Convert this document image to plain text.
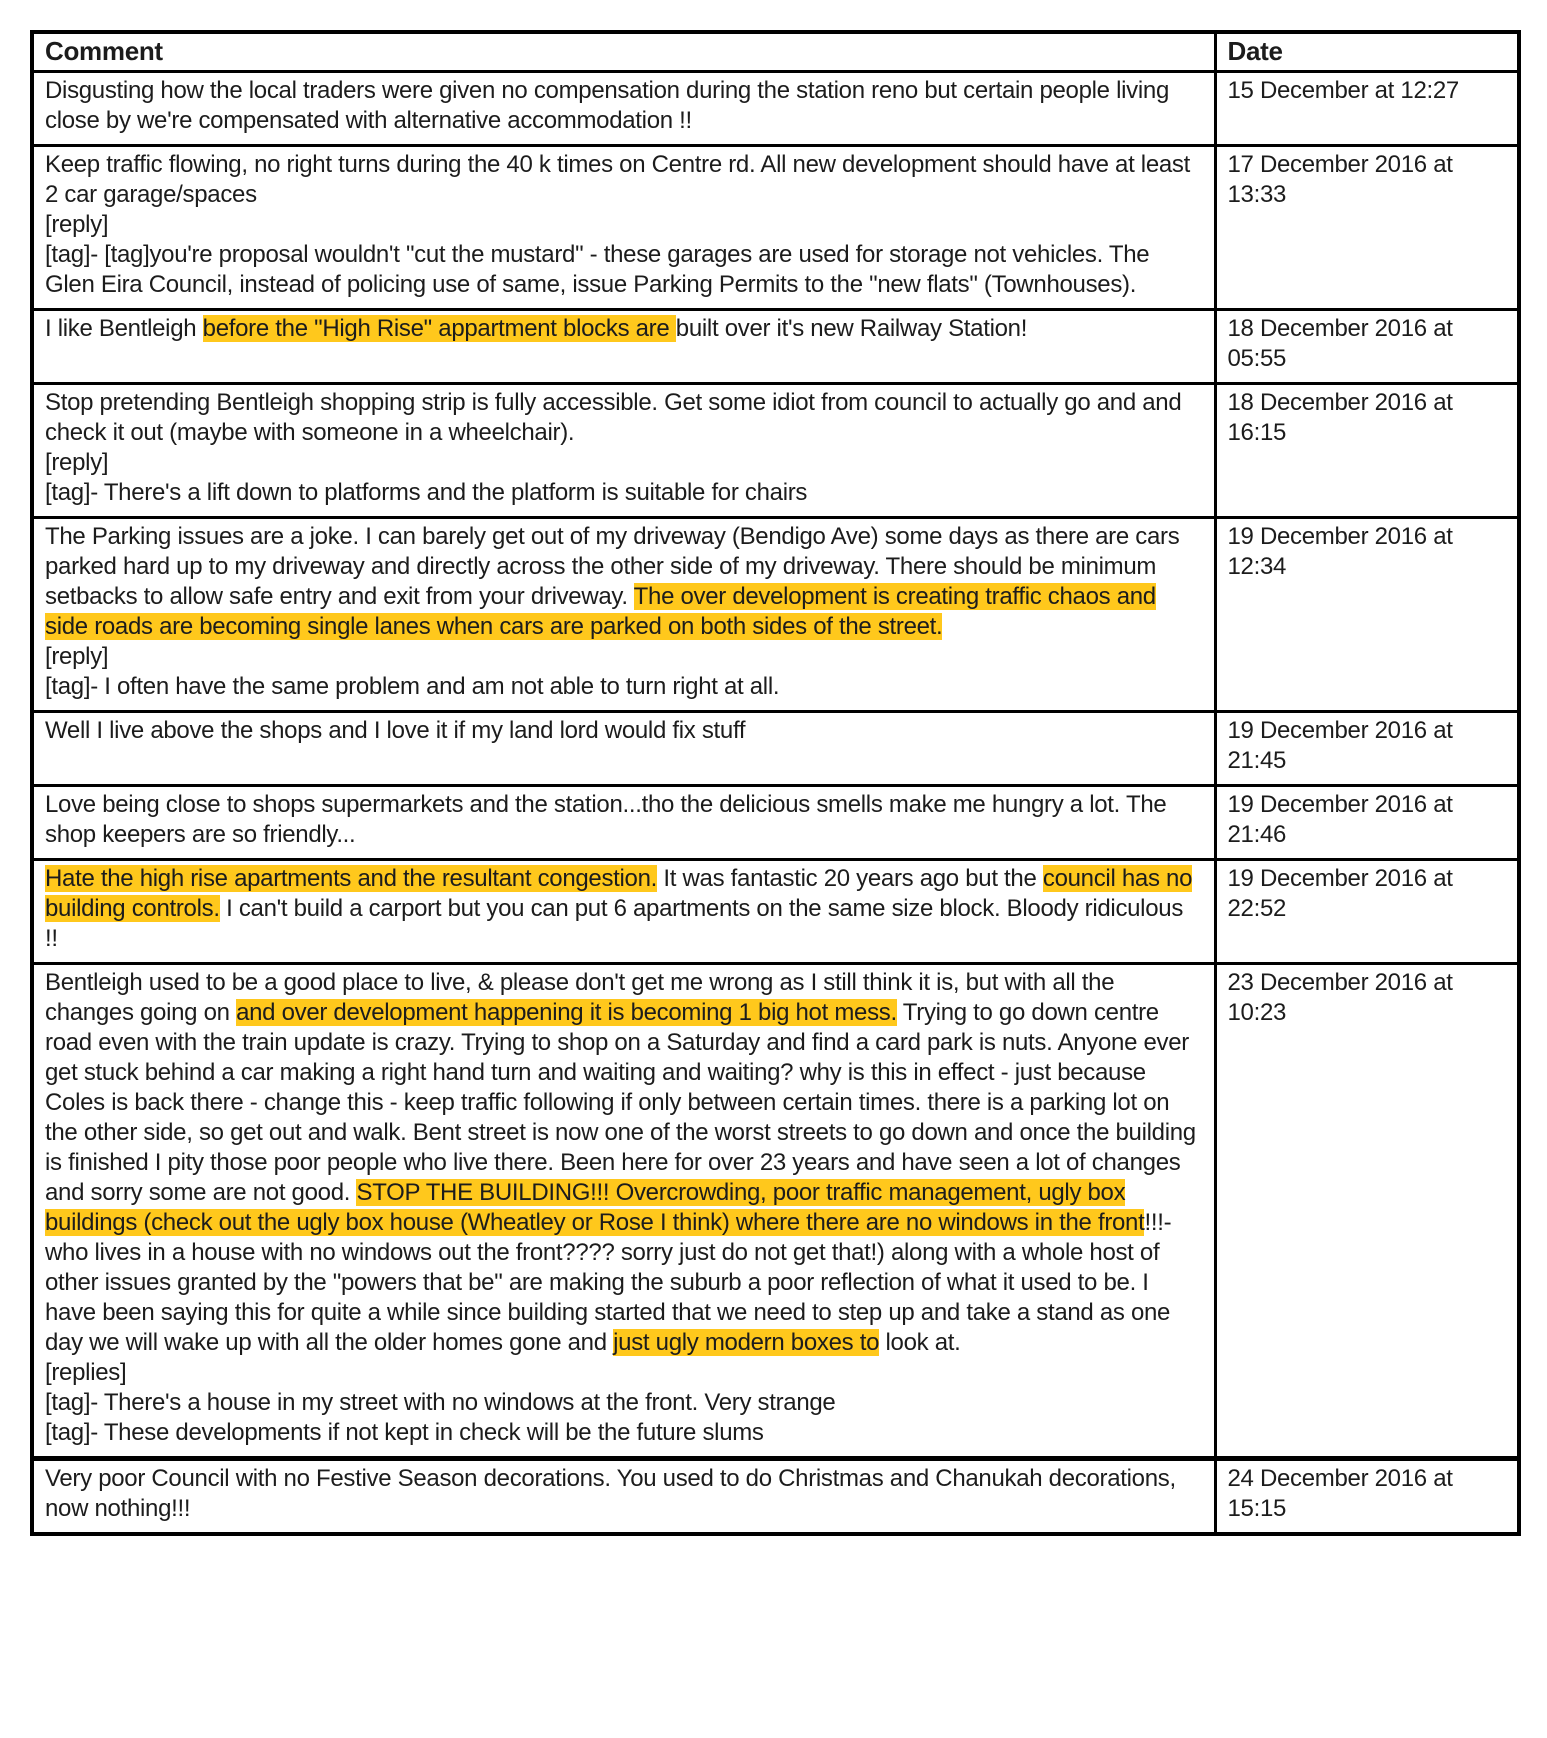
Comment	Date

Disgusting how the local traders were given no compensation during the station reno but certain people living close by we're compensated with alternative accommodation !!	15 December at 12:27

Keep traffic flowing, no right turns during the 40 k times on Centre rd. All new development should have at least 2 car garage/spaces
[reply]
[tag]- [tag]you're proposal wouldn't "cut the mustard" - these garages are used for storage not vehicles. The Glen Eira Council, instead of policing use of same, issue Parking Permits to the "new flats" (Townhouses).	17 December 2016 at 13:33

I like Bentleigh before the "High Rise" appartment blocks are built over it's new Railway Station!	18 December 2016 at 05:55

Stop pretending Bentleigh shopping strip is fully accessible. Get some idiot from council to actually go and and check it out (maybe with someone in a wheelchair).
[reply]
[tag]- There's a lift down to platforms and the platform is suitable for chairs	18 December 2016 at 16:15

The Parking issues are a joke. I can barely get out of my driveway (Bendigo Ave) some days as there are cars parked hard up to my driveway and directly across the other side of my driveway. There should be minimum setbacks to allow safe entry and exit from your driveway. The over development is creating traffic chaos and side roads are becoming single lanes when cars are parked on both sides of the street.
[reply]
[tag]- I often have the same problem and am not able to turn right at all.	19 December 2016 at 12:34

Well I live above the shops and I love it if my land lord would fix stuff	19 December 2016 at 21:45

Love being close to shops supermarkets and the station...tho the delicious smells make me hungry a lot. The shop keepers are so friendly...	19 December 2016 at 21:46

Hate the high rise apartments and the resultant congestion. It was fantastic 20 years ago but the council has no building controls. I can't build a carport but you can put 6 apartments on the same size block. Bloody ridiculous !!	19 December 2016 at 22:52

Bentleigh used to be a good place to live, & please don't get me wrong as I still think it is, but with all the changes going on and over development happening it is becoming 1 big hot mess. Trying to go down centre road even with the train update is crazy. Trying to shop on a Saturday and find a card park is nuts. Anyone ever get stuck behind a car making a right hand turn and waiting and waiting? why is this in effect - just because Coles is back there - change this - keep traffic following if only between certain times. there is a parking lot on the other side, so get out and walk. Bent street is now one of the worst streets to go down and once the building is finished I pity those poor people who live there. Been here for over 23 years and have seen a lot of changes and sorry some are not good. STOP THE BUILDING!!! Overcrowding, poor traffic management, ugly box buildings (check out the ugly box house (Wheatley or Rose I think) where there are no windows in the front!!!- who lives in a house with no windows out the front???? sorry just do not get that!) along with a whole host of other issues granted by the "powers that be" are making the suburb a poor reflection of what it used to be. I have been saying this for quite a while since building started that we need to step up and take a stand as one day we will wake up with all the older homes gone and just ugly modern boxes to look at.
[replies]
[tag]- There's a house in my street with no windows at the front. Very strange
[tag]- These developments if not kept in check will be the future slums	23 December 2016 at 10:23

Very poor Council with no Festive Season decorations. You used to do Christmas and Chanukah decorations, now nothing!!!	24 December 2016 at 15:15
